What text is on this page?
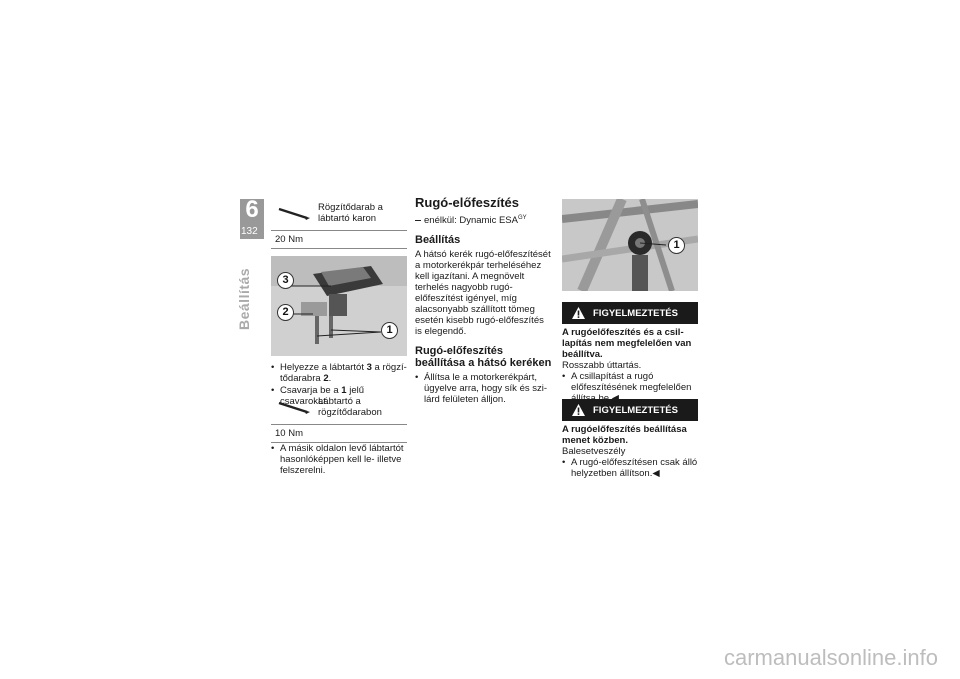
6
132
Beállítás
Rögzítődarab a lábtartó karon
20 Nm
3
2
1
• Helyezze a lábtartót 3 a rögzítődarabra 2.
• Csavarja be a 1 jelű csavarokat.
Lábtartó a rögzítődarabon
10 Nm
• A másik oldalon levő lábtartót hasonlóképpen kell le- illetve felszerelni.
Rugó-előfeszítés
enélkül: Dynamic $ESA^{GY}$
Beállítás

A hátsó kerék rugó-előfeszítését a motorkerékpár terheléséhez kell igazítani. A megnövelt terhelés nagyobb rugó-előfeszítést igényel, míg alacsonyabb szállított tömeg esetén kisebb rugó-előfeszítés is elegendő.

Rugó-előfeszítés beállítása a hátsó keréken
• Állítsa le a motorkerékpárt, ügyelve arra, hogy sík és szilárd felületen álljon.
1
FIGYELMEZTETÉS

A rugóelőfeszítés és a csillapítás nem megfelelően van beállítva.

Rosszabb úttartás.

• A csillapítást a rugó előfeszítésének megfelelően
FIGYELMEZTETÉS

A rugóelőfeszítés beállítása menet közben.

Balesetveszély

• A rugó-előfeszítésen csak álló helyzetben állítson.◀
carmanualsonline.info
